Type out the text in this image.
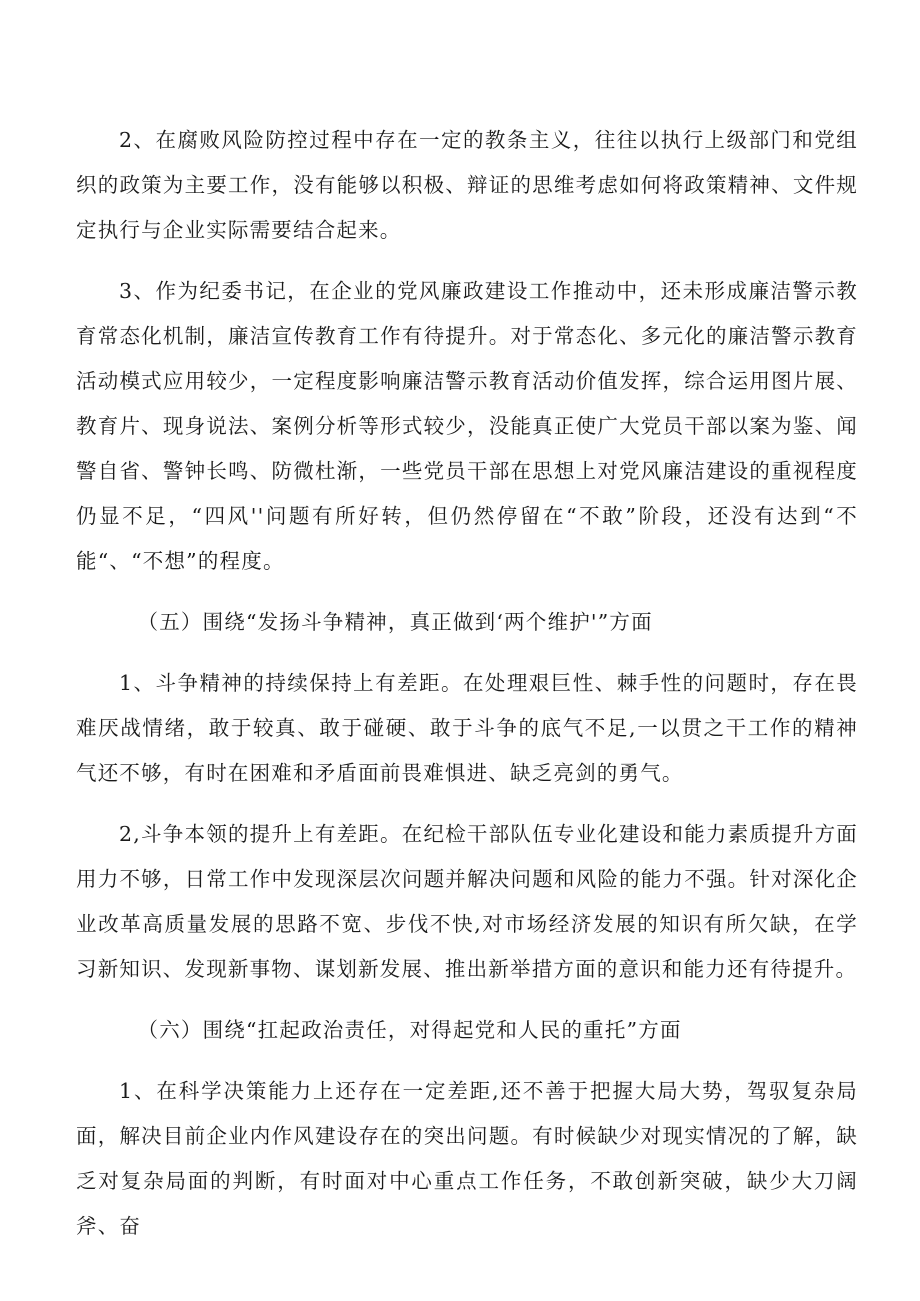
2、在腐败风险防控过程中存在一定的教条主义，往往以执行上级部门和党组织的政策为主要工作，没有能够以积极、辩证的思维考虑如何将政策精神、文件规定执行与企业实际需要结合起来。

3、作为纪委书记，在企业的党风廉政建设工作推动中，还未形成廉洁警示教育常态化机制，廉洁宣传教育工作有待提升。对于常态化、多元化的廉洁警示教育活动模式应用较少，一定程度影响廉洁警示教育活动价值发挥，综合运用图片展、教育片、现身说法、案例分析等形式较少，没能真正使广大党员干部以案为鉴、闻警自省、警钟长鸣、防微杜渐，一些党员干部在思想上对党风廉洁建设的重视程度仍显不足，“四风''问题有所好转，但仍然停留在“不敢”阶段，还没有达到“不能“、“不想”的程度。

（五）围绕“发扬斗争精神，真正做到‘两个维护'”方面

1、斗争精神的持续保持上有差距。在处理艰巨性、棘手性的问题时，存在畏难厌战情绪，敢于较真、敢于碰硬、敢于斗争的底气不足,一以贯之干工作的精神气还不够，有时在困难和矛盾面前畏难惧进、缺乏亮剑的勇气。

2,斗争本领的提升上有差距。在纪检干部队伍专业化建设和能力素质提升方面用力不够，日常工作中发现深层次问题并解决问题和风险的能力不强。针对深化企业改革高质量发展的思路不宽、步伐不快,对市场经济发展的知识有所欠缺，在学习新知识、发现新事物、谋划新发展、推出新举措方面的意识和能力还有待提升。

（六）围绕“扛起政治责任，对得起党和人民的重托”方面

1、在科学决策能力上还存在一定差距,还不善于把握大局大势，驾驭复杂局面，解决目前企业内作风建设存在的突出问题。有时候缺少对现实情况的了解，缺乏对复杂局面的判断，有时面对中心重点工作任务，不敢创新突破，缺少大刀阔斧、奋
